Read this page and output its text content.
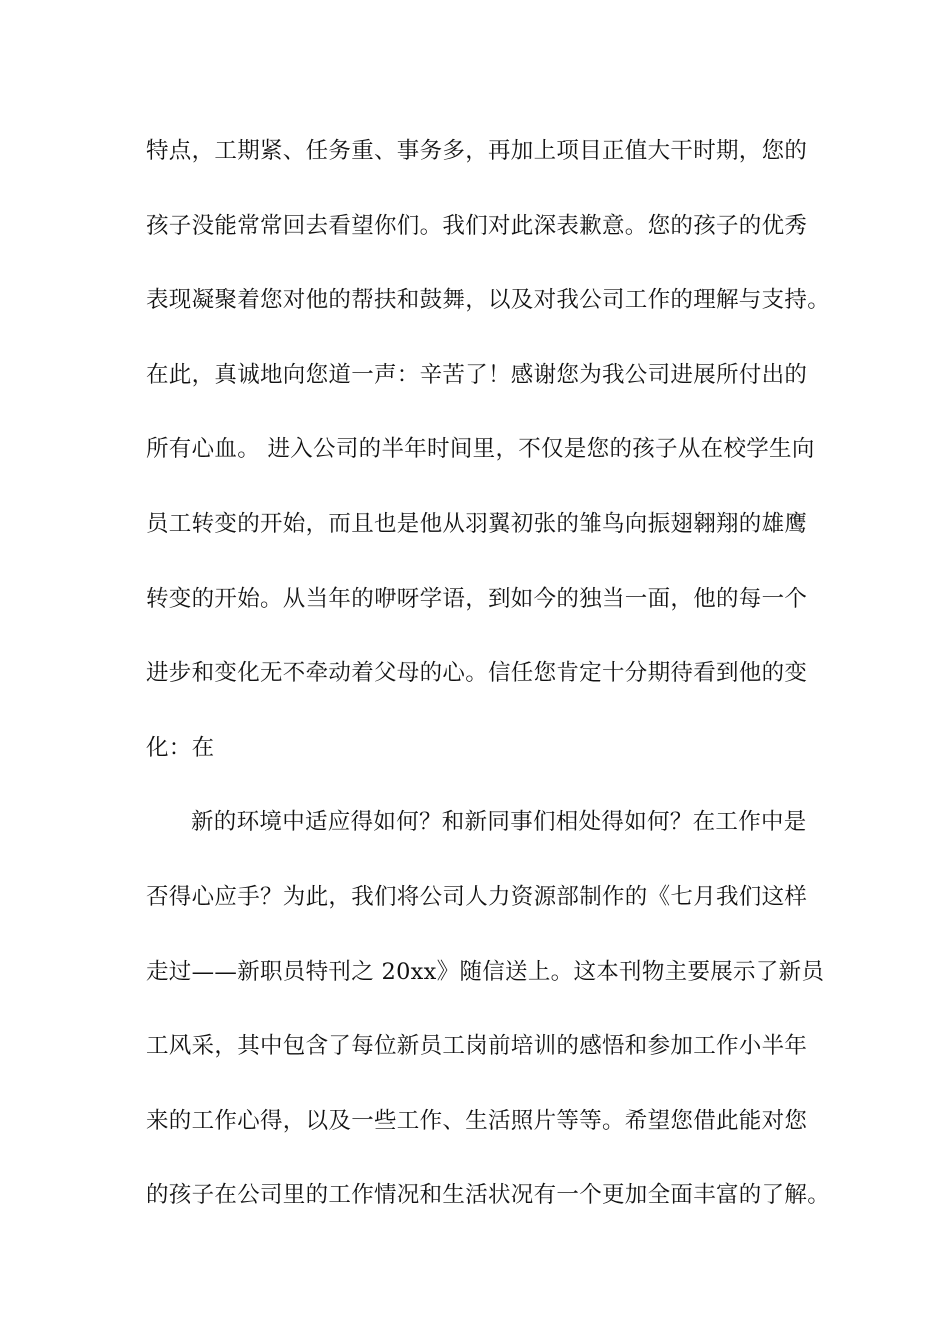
特点，工期紧、任务重、事务多，再加上项目正值大干时期，您的
孩子没能常常回去看望你们。我们对此深表歉意。您的孩子的优秀
表现凝聚着您对他的帮扶和鼓舞，以及对我公司工作的理解与支持。
在此，真诚地向您道一声：辛苦了！感谢您为我公司进展所付出的
所有心血。 进入公司的半年时间里，不仅是您的孩子从在校学生向
员工转变的开始，而且也是他从羽翼初张的雏鸟向振翅翱翔的雄鹰
转变的开始。从当年的咿呀学语，到如今的独当一面，他的每一个
进步和变化无不牵动着父母的心。信任您肯定十分期待看到他的变
化：在
新的环境中适应得如何？和新同事们相处得如何？在工作中是
否得心应手？为此，我们将公司人力资源部制作的《七月我们这样
走过——新职员特刊之 20xx》随信送上。这本刊物主要展示了新员
工风采，其中包含了每位新员工岗前培训的感悟和参加工作小半年
来的工作心得，以及一些工作、生活照片等等。希望您借此能对您
的孩子在公司里的工作情况和生活状况有一个更加全面丰富的了解。
